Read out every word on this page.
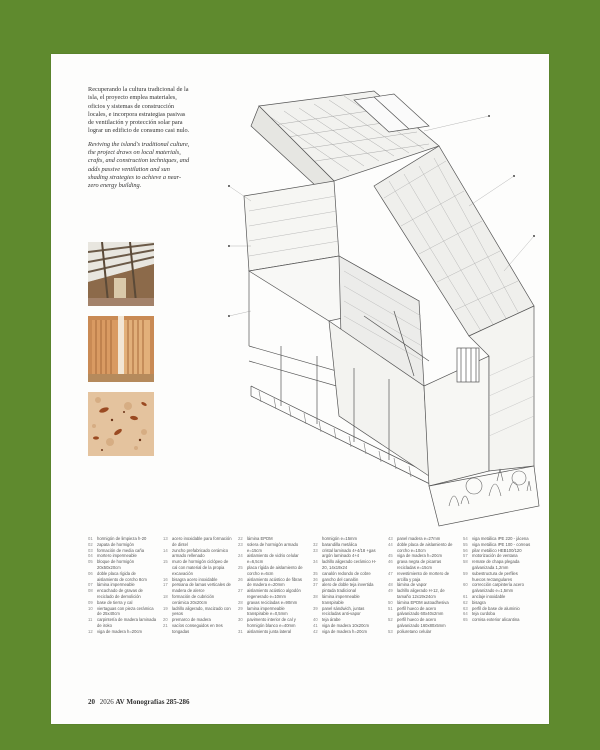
Recuperando la cultura tradicional de la isla, el proyecto emplea materiales, oficios y sistemas de construcción locales, e incorpora estrategias pasivas de ventilación y protección solar para lograr un edificio de consumo casi nulo.

Reviving the island's traditional culture, the project draws on local materials, crafts, and construction techniques, and adds passive ventilation and sun shading strategies to achieve a near-zero energy building.

01	hormigón de limpieza h-20
02	zapata de hormigón
03	formación de media caña
04	mortero impermeable
05	bloque de hormigón 20x50x20cm
06	doble placa rígida de aislamiento de corcho 8cm
07	lámina impermeable
08	encachado de gravas de reciclado de demolición
09	base de tierra y cal
10	viertaguas con pieza cerámica de 25x40cm
11	carpintería de madera laminada de iroko
12	viga de madera h=20cm
13	acero inoxidable para formación de dintel
14	zuncho prefabricado cerámico armado rellenado
15	muro de hormigón ciclópeo de cal con material de la propia excavación
16	bisagra acero inoxidable
17	persiana de lamas verticales de madera de alerce
18	formación de cubrición cerámica 20x20cm
19	ladrillo aligerado, macizado con yesos
20	premarco de madera
21	vacíos conseguidos en tres tongadas
22	lámina EPDM
23	solera de hormigón armado e=15cm
24	aislamiento de vidrio celular e=6,5cm
25	placa rígida de aislamiento de corcho e=6cm
26	aislamiento acústico de fibras de madera e=20mm
27	aislamiento acústico algodón regenerado e=10mm
28	gravas recicladas e=90mm
29	lamina impermeable transpirable e=0,5mm
30	pavimento interior de cal y hormigón blanco e=40mm
31	aislamiento junta lateral
hormigón e=15mm
32	barandilla metálica
33	cristal laminado 4+4/18 +gas argón laminado 4+4
34	ladrillo aligerado cerámico H-20, 14x19x24
35	canalón redondo de cobre
36	gancho del canalón
37	alero de doble teja invertida pintada tradicional
38	lámina impermeable transpirable
39	panel sándwich, juntas recicladas anti-vapor
40	teja árabe
41	viga de madera 10x20cm
42	viga de madera h=20cm
43	panel madera e=27mm
44	doble placa de aislamiento de corcho e=10cm
45	viga de madera h=20cm
46	grava negra de picarras recicladas e=15cm
47	revestimiento de mortero de arcilla y paja
48	lámina de vapor
49	ladrillo aligerado H-12, de tamaño 12x19x24cm
50	lámina EPDM autoadhesiva
51	perfil hueco de acero galvanizado 60x40x2mm
52	perfil hueco de acero galvanizado 160x80x5mm
53	poliuretano celular
54	viga metálica IPE 220 - jácena
55	viga metálica IPE 100 - correas
56	pilar metálico HEB100/120
57	motorización de ventana
58	remate de chapa plegada galvanizada 1,2mm
59	subestructura de perfiles huecos rectangulares
60	corrección carpintería acero galvanizado e=1,5mm
61	anclaje inoxidable
62	bisagra
63	perfil de base de aluminio
64	teja curdoba
65	cornisa exterior alicantina
20 2026 AV Monografías 285-286
